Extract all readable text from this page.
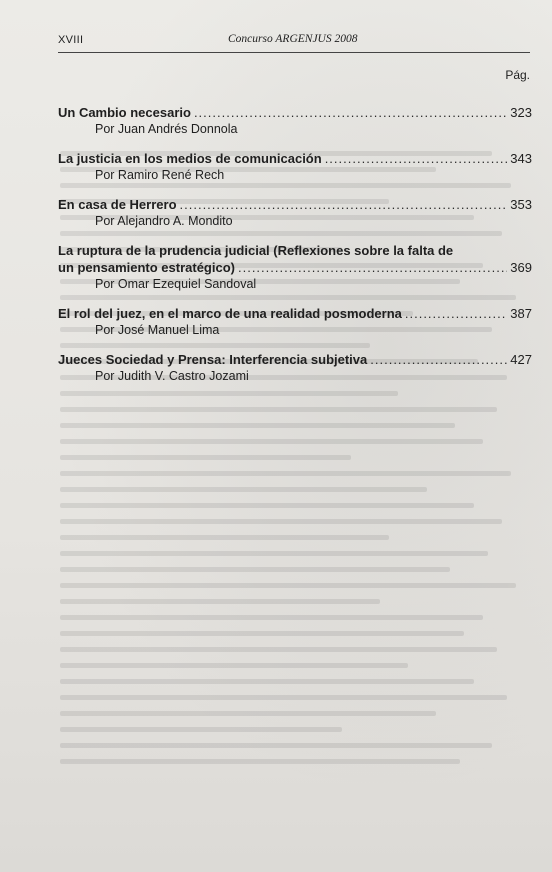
XVIII	Concurso ARGENJUS 2008
Pág.
Un Cambio necesario .....	323
Por Juan Andrés Donnola
La justicia en los medios de comunicación .....	343
Por Ramiro René Rech
En casa de Herrero .....	353
Por Alejandro A. Mondito
La ruptura de la prudencia judicial (Reflexiones sobre la falta de
un pensamiento estratégico) .....	369
Por Omar Ezequiel Sandoval
El rol del juez, en el marco de una realidad posmoderna .....	387
Por José Manuel Lima
Jueces Sociedad y Prensa: Interferencia subjetiva .....	427
Por Judith V. Castro Jozami
